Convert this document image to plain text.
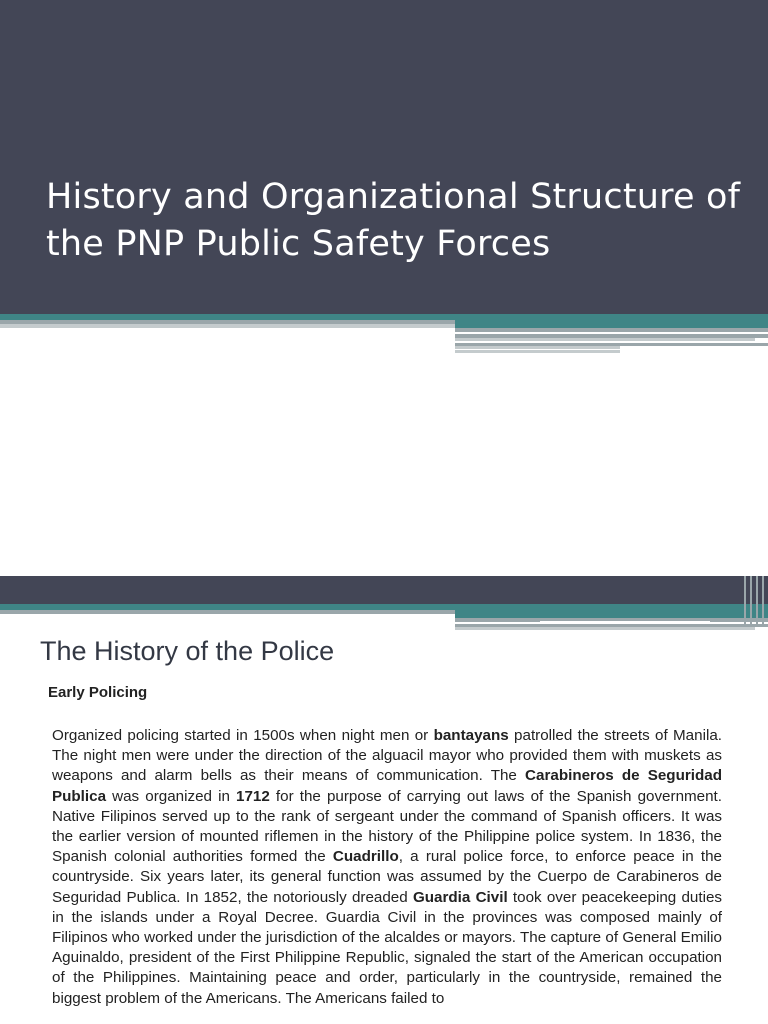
History and Organizational Structure of the PNP Public Safety Forces
The History of the Police
Early Policing

Organized policing started in 1500s when night men or bantayans patrolled the streets of Manila. The night men were under the direction of the alguacil mayor who provided them with muskets as weapons and alarm bells as their means of communication. The Carabineros de Seguridad Publica was organized in 1712 for the purpose of carrying out laws of the Spanish government. Native Filipinos served up to the rank of sergeant under the command of Spanish officers. It was the earlier version of mounted riflemen in the history of the Philippine police system. In 1836, the Spanish colonial authorities formed the Cuadrillo, a rural police force, to enforce peace in the countryside. Six years later, its general function was assumed by the Cuerpo de Carabineros de Seguridad Publica. In 1852, the notoriously dreaded Guardia Civil took over peacekeeping duties in the islands under a Royal Decree. Guardia Civil in the provinces was composed mainly of Filipinos who worked under the jurisdiction of the alcaldes or mayors. The capture of General Emilio Aguinaldo, president of the First Philippine Republic, signaled the start of the American occupation of the Philippines. Maintaining peace and order, particularly in the countryside, remained the biggest problem of the Americans. The Americans failed to
